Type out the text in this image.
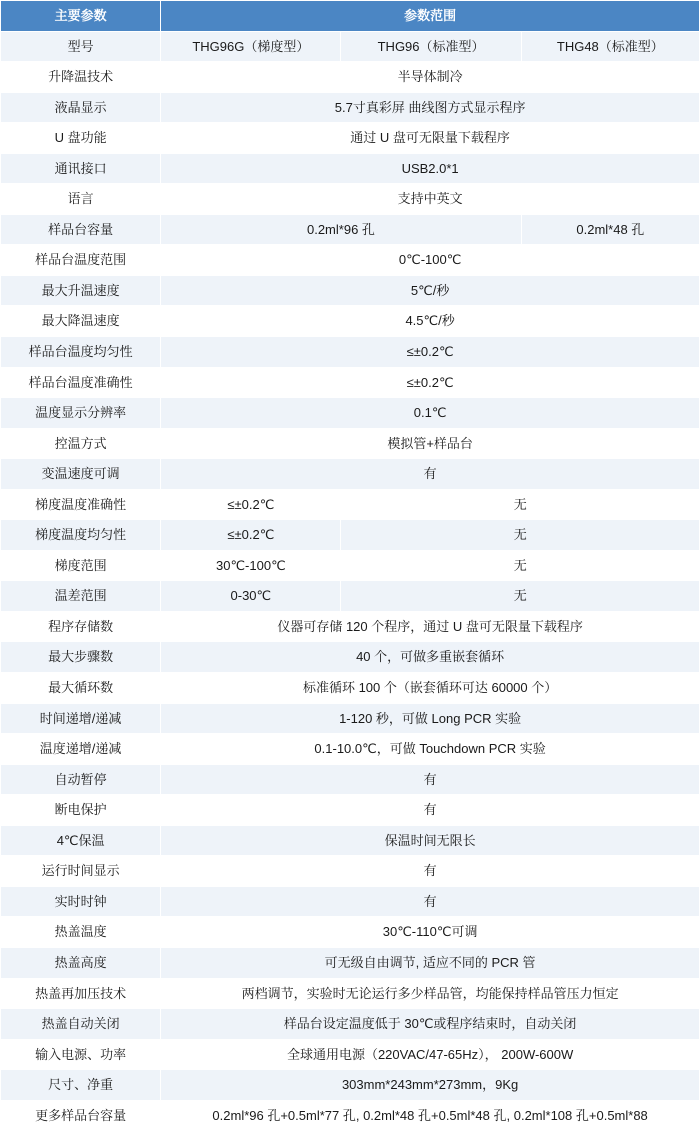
主要参数	参数范围		
型号	THG96G（梯度型）	THG96（标准型）	THG48（标准型）
升降温技术	半导体制冷		
液晶显示	5.7寸真彩屏 曲线图方式显示程序		
U 盘功能	通过 U 盘可无限量下载程序		
通讯接口	USB2.0*1		
语言	支持中英文		
样品台容量	0.2ml*96 孔		0.2ml*48 孔
样品台温度范围	0℃-100℃		
最大升温速度	5℃/秒		
最大降温速度	4.5℃/秒		
样品台温度均匀性	≤±0.2℃		
样品台温度准确性	≤±0.2℃		
温度显示分辨率	0.1℃		
控温方式	模拟管+样品台		
变温速度可调	有		
梯度温度准确性	≤±0.2℃	无	
梯度温度均匀性	≤±0.2℃	无	
梯度范围	30℃-100℃	无	
温差范围	0-30℃	无	
程序存储数	仪器可存储 120 个程序，通过 U 盘可无限量下载程序		
最大步骤数	40 个，可做多重嵌套循环		
最大循环数	标准循环 100 个（嵌套循环可达 60000 个）		
时间递增/递减	1-120 秒，可做 Long PCR 实验		
温度递增/递减	0.1-10.0℃，可做 Touchdown PCR 实验		
自动暂停	有		
断电保护	有		
4℃保温	保温时间无限长		
运行时间显示	有		
实时时钟	有		
热盖温度	30℃-110℃可调		
热盖高度	可无级自由调节, 适应不同的 PCR 管		
热盖再加压技术	两档调节，实验时无论运行多少样品管，均能保持样品管压力恒定		
热盖自动关闭	样品台设定温度低于 30℃或程序结束时，自动关闭		
输入电源、功率	全球通用电源（220VAC/47-65Hz）， 200W-600W		
尺寸、净重	303mm*243mm*273mm，9Kg		
更多样品台容量	0.2ml*96 孔+0.5ml*77 孔, 0.2ml*48 孔+0.5ml*48 孔, 0.2ml*108 孔+0.5ml*88		
